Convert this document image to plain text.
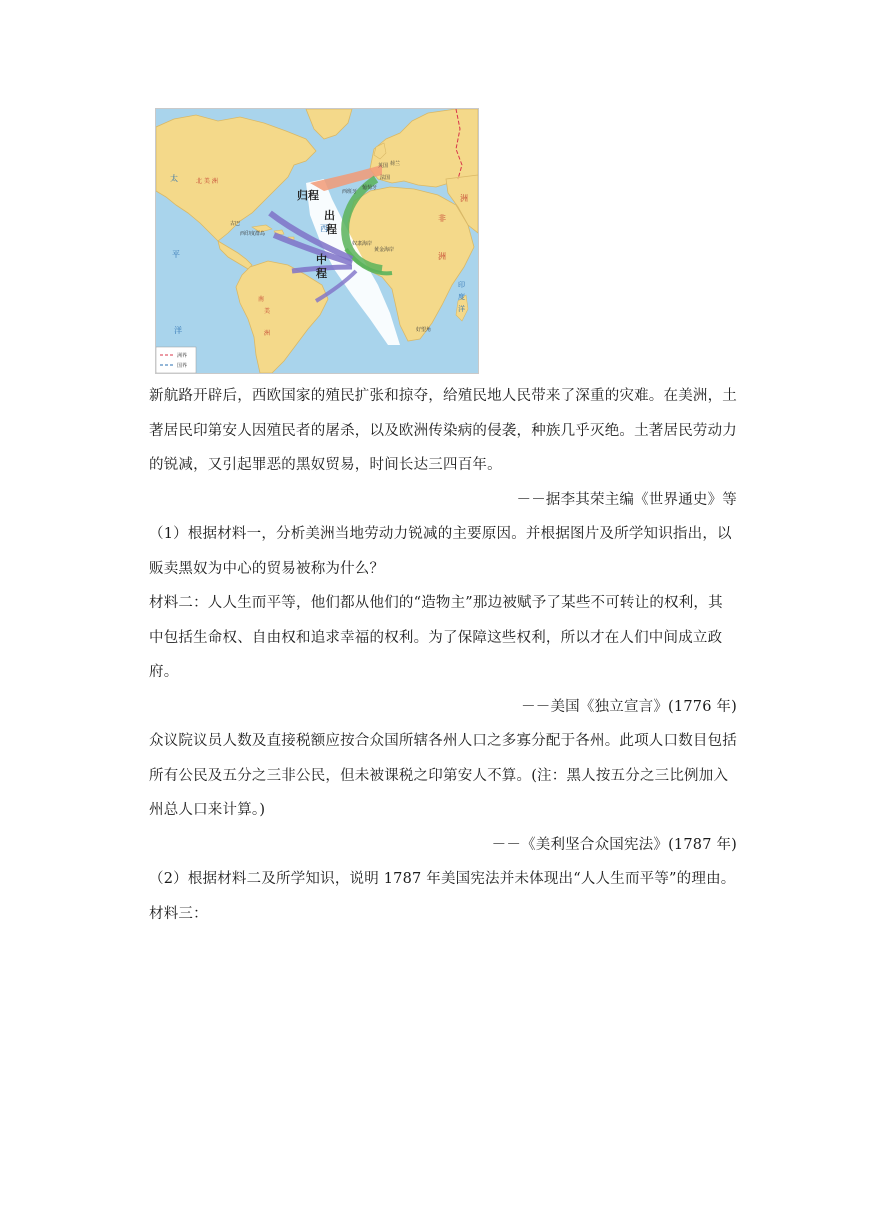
归程
出
程
中
程
北 美 洲
南
美
洲
太
平
洋
西
非
洲
洲
印
度
洋
英国 荷兰
法国
葡萄牙
西班牙
黄金海岸
奴隶海岸
古巴
西印度群岛
好望角
洲界
国界

新航路开辟后，西欧国家的殖民扩张和掠夺，给殖民地人民带来了深重的灾难。在美洲，土著居民印第安人因殖民者的屠杀，以及欧洲传染病的侵袭，种族几乎灭绝。土著居民劳动力的锐减，又引起罪恶的黑奴贸易，时间长达三四百年。

－－据李其荣主编《世界通史》等

（1）根据材料一，分析美洲当地劳动力锐减的主要原因。并根据图片及所学知识指出，以贩卖黑奴为中心的贸易被称为什么？

材料二：人人生而平等，他们都从他们的“造物主”那边被赋予了某些不可转让的权利，其中包括生命权、自由权和追求幸福的权利。为了保障这些权利，所以才在人们中间成立政府。

－－美国《独立宣言》(1776 年)

众议院议员人数及直接税额应按合众国所辖各州人口之多寡分配于各州。此项人口数目包括所有公民及五分之三非公民，但未被课税之印第安人不算。(注：黑人按五分之三比例加入州总人口来计算。)

－－《美利坚合众国宪法》(1787 年)

（2）根据材料二及所学知识，说明 1787 年美国宪法并未体现出“人人生而平等”的理由。

材料三：
